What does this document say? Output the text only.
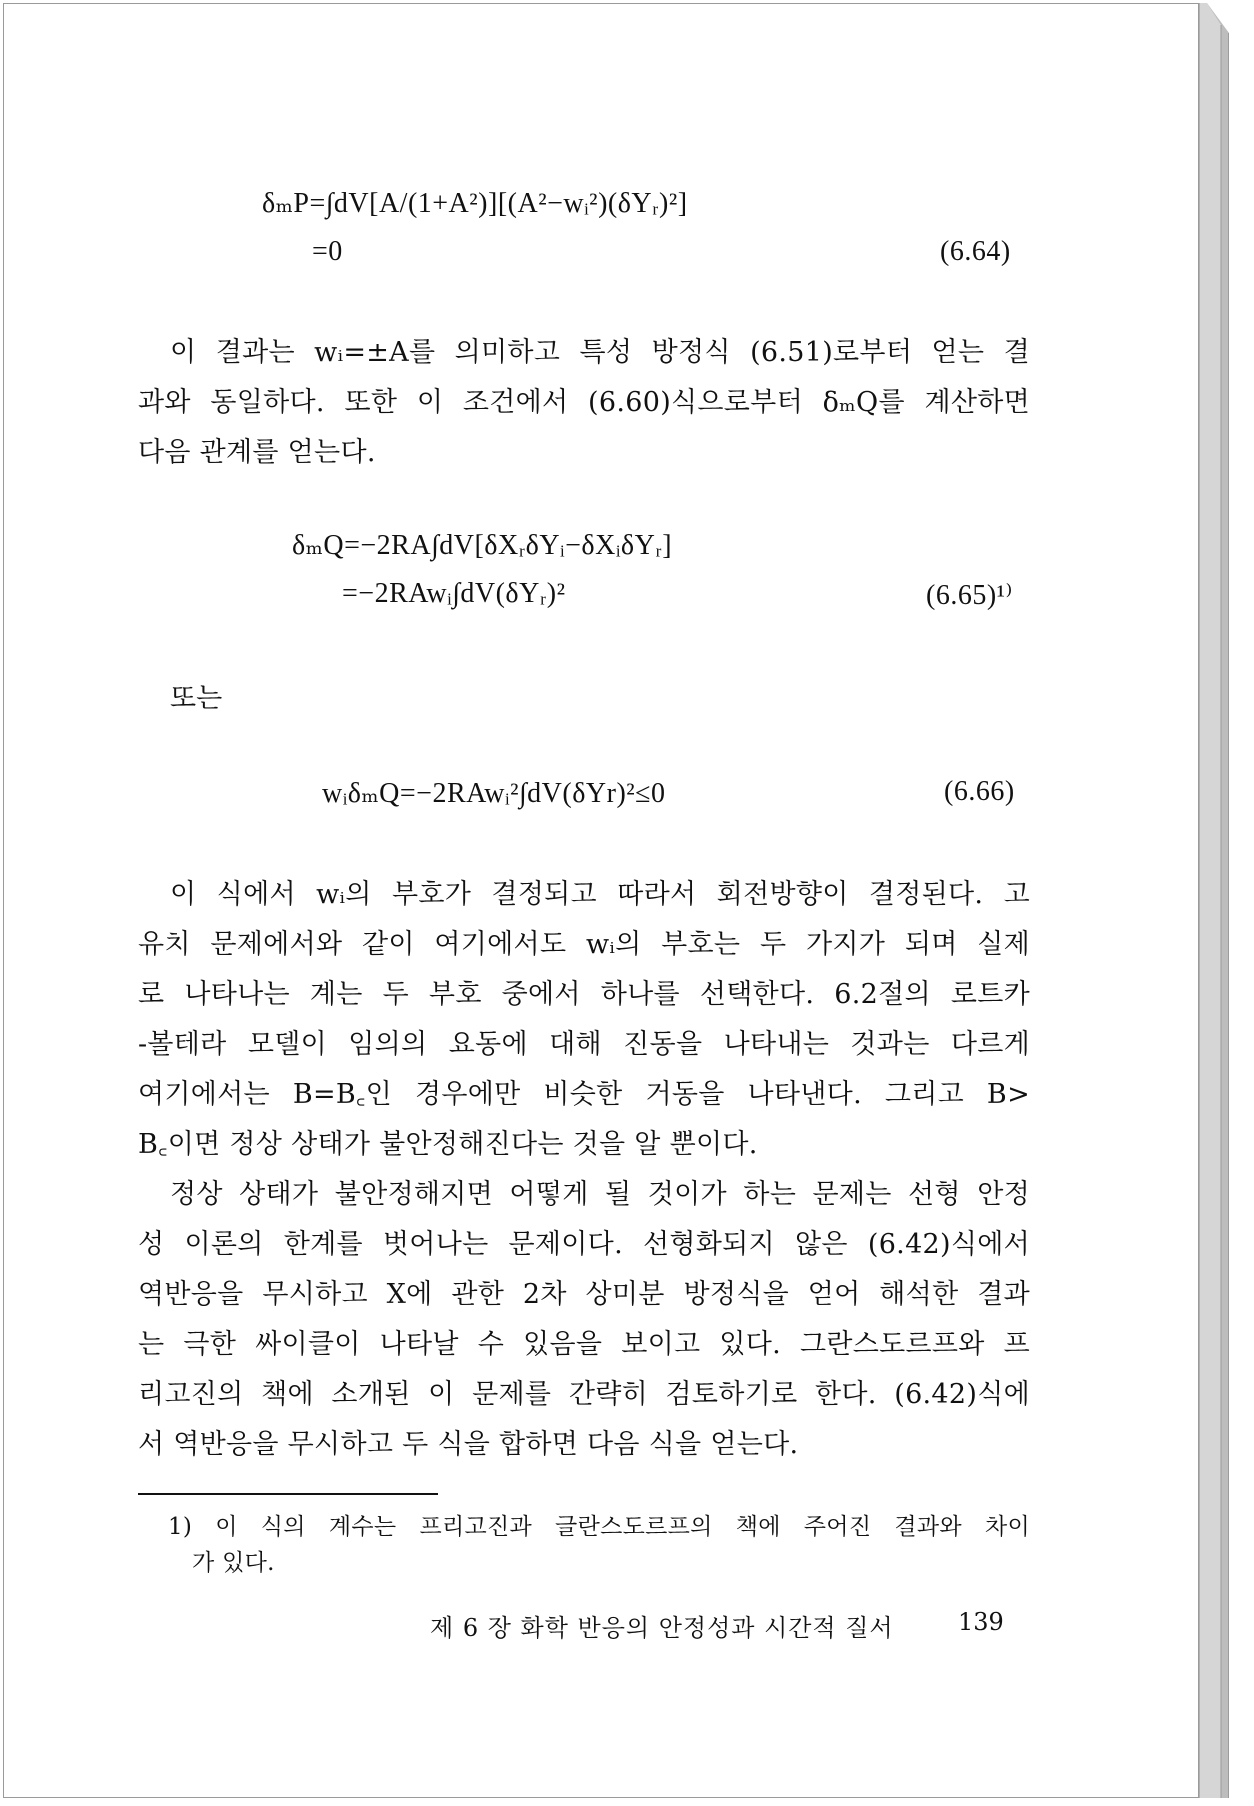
δₘP=∫dV[A/(1+A²)][(A²−wᵢ²)(δYᵣ)²]
=0	(6.64)
이 결과는 wᵢ=±A를 의미하고 특성 방정식 (6.51)로부터 얻는 결
과와 동일하다. 또한 이 조건에서 (6.60)식으로부터 δₘQ를 계산하면
다음 관계를 얻는다.
δₘQ=−2RA∫dV[δXᵣδYᵢ−δXᵢδYᵣ]
=−2RAwᵢ∫dV(δYᵣ)²	(6.65)¹⁾
또는
wᵢδₘQ=−2RAwᵢ²∫dV(δYr)²≤0	(6.66)
이 식에서 wᵢ의 부호가 결정되고 따라서 회전방향이 결정된다. 고
유치 문제에서와 같이 여기에서도 wᵢ의 부호는 두 가지가 되며 실제
로 나타나는 계는 두 부호 중에서 하나를 선택한다. 6.2절의 로트카
-볼테라 모델이 임의의 요동에 대해 진동을 나타내는 것과는 다르게
여기에서는 B=B꜀인 경우에만 비슷한 거동을 나타낸다. 그리고 B>
B꜀이면 정상 상태가 불안정해진다는 것을 알 뿐이다.
정상 상태가 불안정해지면 어떻게 될 것이가 하는 문제는 선형 안정
성 이론의 한계를 벗어나는 문제이다. 선형화되지 않은 (6.42)식에서
역반응을 무시하고 X에 관한 2차 상미분 방정식을 얻어 해석한 결과
는 극한 싸이클이 나타날 수 있음을 보이고 있다. 그란스도르프와 프
리고진의 책에 소개된 이 문제를 간략히 검토하기로 한다. (6.42)식에
서 역반응을 무시하고 두 식을 합하면 다음 식을 얻는다.
1) 이 식의 계수는 프리고진과 글란스도르프의 책에 주어진 결과와 차이
가 있다.
제 6 장 화학 반응의 안정성과 시간적 질서	139
